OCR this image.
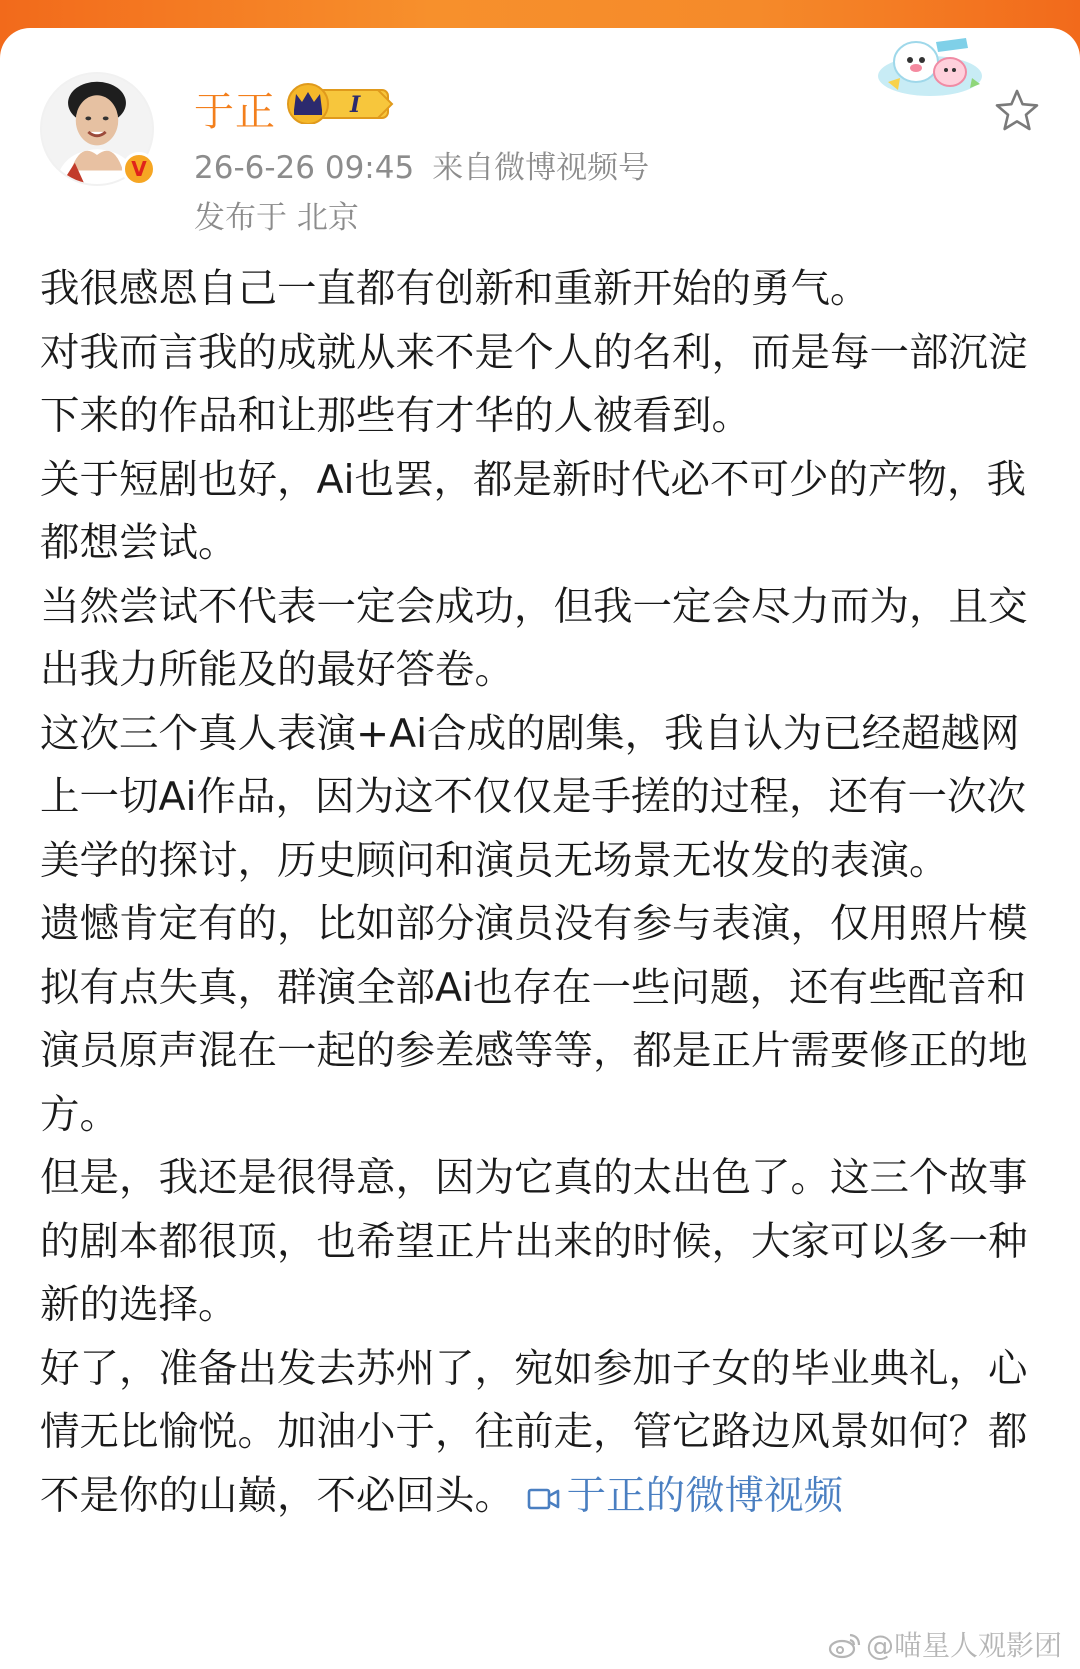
V
于正	I
26-6-26 09:45 来自微博视频号
发布于 北京
我很感恩自己一直都有创新和重新开始的勇气。
对我而言我的成就从来不是个人的名利，而是每一部沉淀下来的作品和让那些有才华的人被看到。
关于短剧也好，Ai也罢，都是新时代必不可少的产物，我都想尝试。
当然尝试不代表一定会成功，但我一定会尽力而为，且交出我力所能及的最好答卷。
这次三个真人表演+Ai合成的剧集，我自认为已经超越网上一切Ai作品，因为这不仅仅是手搓的过程，还有一次次美学的探讨，历史顾问和演员无场景无妆发的表演。
遗憾肯定有的，比如部分演员没有参与表演，仅用照片模拟有点失真，群演全部Ai也存在一些问题，还有些配音和演员原声混在一起的参差感等等，都是正片需要修正的地方。
但是，我还是很得意，因为它真的太出色了。这三个故事的剧本都很顶，也希望正片出来的时候，大家可以多一种新的选择。
好了，准备出发去苏州了，宛如参加子女的毕业典礼，心情无比愉悦。加油小于，往前走，管它路边风景如何？都不是你的山巅，不必回头。 于正的微博视频
@喵星人观影团
